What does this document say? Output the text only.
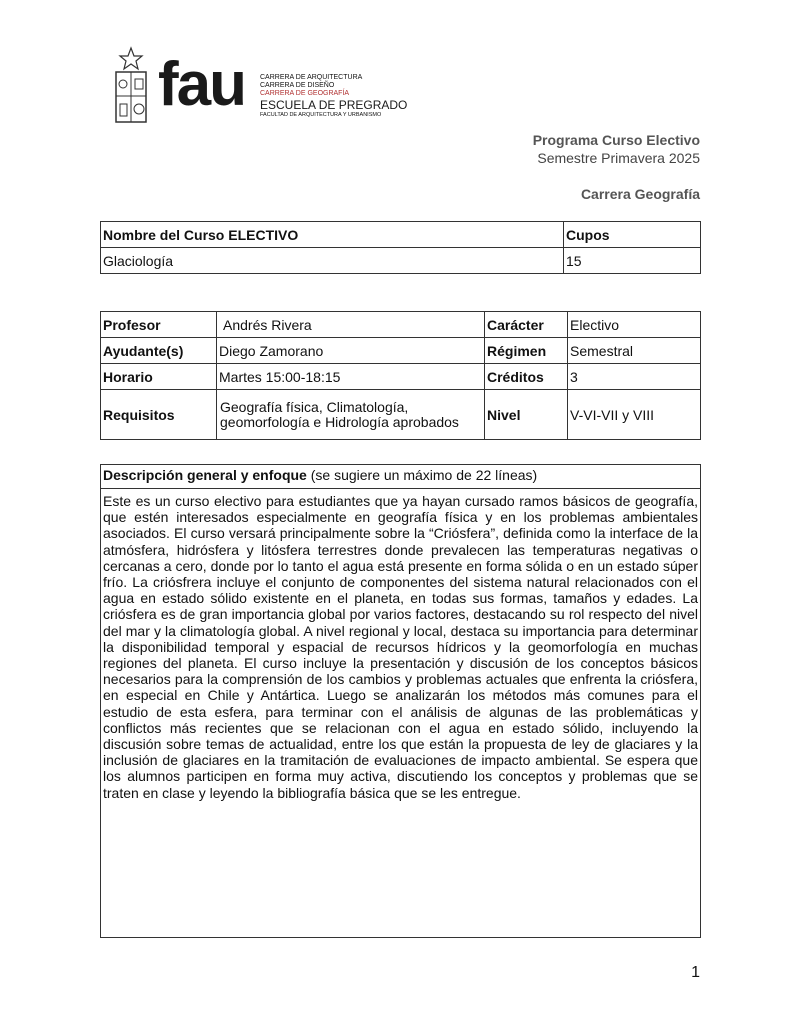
fau CARRERA DE ARQUITECTURA
CARRERA DE DISEÑO
CARRERA DE GEOGRAFÍA
ESCUELA DE PREGRADO
FACULTAD DE ARQUITECTURA Y URBANISMO
Programa Curso Electivo
Semestre Primavera 2025
Carrera Geografía
Nombre del Curso ELECTIVO	Cupos
Glaciología	15
Profesor	Andrés Rivera	Carácter	Electivo
Ayudante(s)	Diego Zamorano	Régimen	Semestral
Horario	Martes 15:00-18:15	Créditos	3
Requisitos	Geografía física, Climatología, geomorfología e Hidrología aprobados	Nivel	V-VI-VII y VIII
Descripción general y enfoque (se sugiere un máximo de 22 líneas)
Este es un curso electivo para estudiantes que ya hayan cursado ramos básicos de geografía, que estén interesados especialmente en geografía física y en los problemas ambientales asociados. El curso versará principalmente sobre la “Criósfera”, definida como la interface de la atmósfera, hidrósfera y litósfera terrestres donde prevalecen las temperaturas negativas o cercanas a cero, donde por lo tanto el agua está presente en forma sólida o en un estado súper frío. La criósfrera incluye el conjunto de componentes del sistema natural relacionados con el agua en estado sólido existente en el planeta, en todas sus formas, tamaños y edades. La criósfera es de gran importancia global por varios factores, destacando su rol respecto del nivel del mar y la climatología global. A nivel regional y local, destaca su importancia para determinar la disponibilidad temporal y espacial de recursos hídricos y la geomorfología en muchas regiones del planeta. El curso incluye la presentación y discusión de los conceptos básicos necesarios para la comprensión de los cambios y problemas actuales que enfrenta la criósfera, en especial en Chile y Antártica. Luego se analizarán los métodos más comunes para el estudio de esta esfera, para terminar con el análisis de algunas de las problemáticas y conflictos más recientes que se relacionan con el agua en estado sólido, incluyendo la discusión sobre temas de actualidad, entre los que están la propuesta de ley de glaciares y la inclusión de glaciares en la tramitación de evaluaciones de impacto ambiental. Se espera que los alumnos participen en forma muy activa, discutiendo los conceptos y problemas que se traten en clase y leyendo la bibliografía básica que se les entregue.
1
